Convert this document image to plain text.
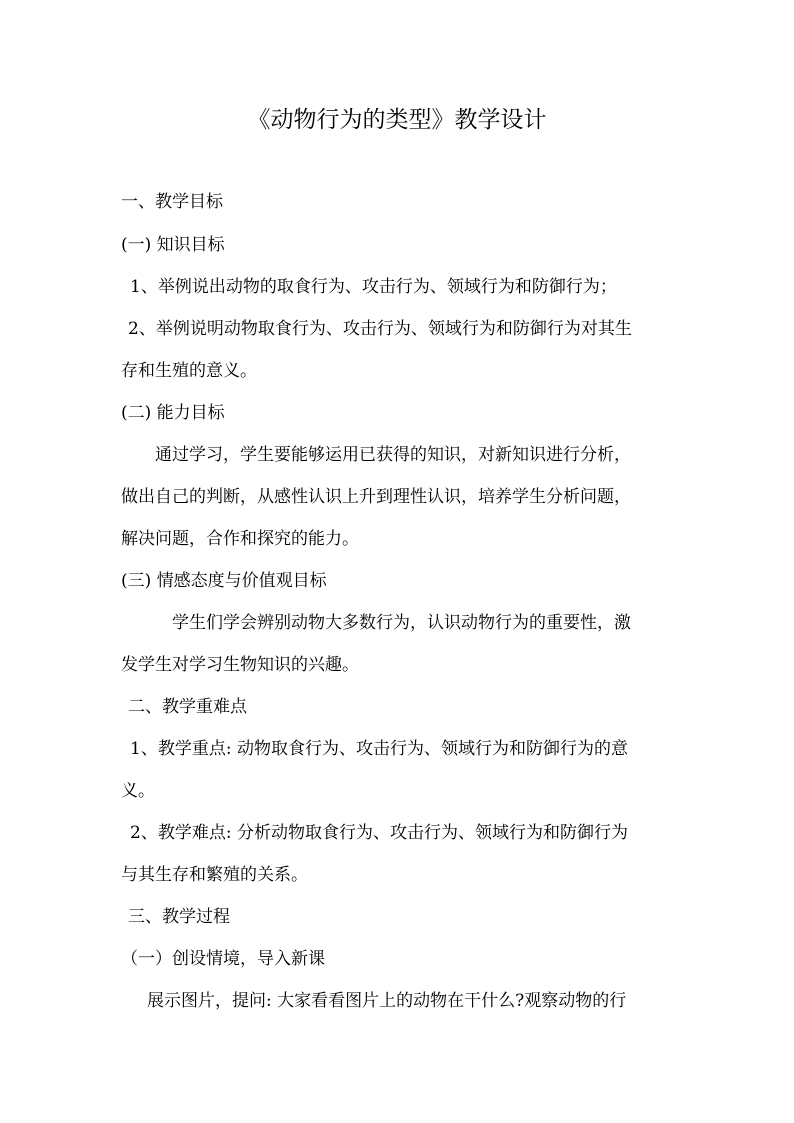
《动物行为的类型》教学设计
一、教学目标
(一) 知识目标
1、举例说出动物的取食行为、攻击行为、领域行为和防御行为；
2、举例说明动物取食行为、攻击行为、领域行为和防御行为对其生
存和生殖的意义。
(二) 能力目标
通过学习，学生要能够运用已获得的知识，对新知识进行分析，
做出自己的判断，从感性认识上升到理性认识，培养学生分析问题，
解决问题，合作和探究的能力。
(三) 情感态度与价值观目标
学生们学会辨别动物大多数行为，认识动物行为的重要性，激
发学生对学习生物知识的兴趣。
二、教学重难点
1、教学重点: 动物取食行为、攻击行为、领域行为和防御行为的意
义。
2、教学难点: 分析动物取食行为、攻击行为、领域行为和防御行为
与其生存和繁殖的关系。
三、教学过程
（一）创设情境，导入新课
展示图片，提问: 大家看看图片上的动物在干什么?观察动物的行
